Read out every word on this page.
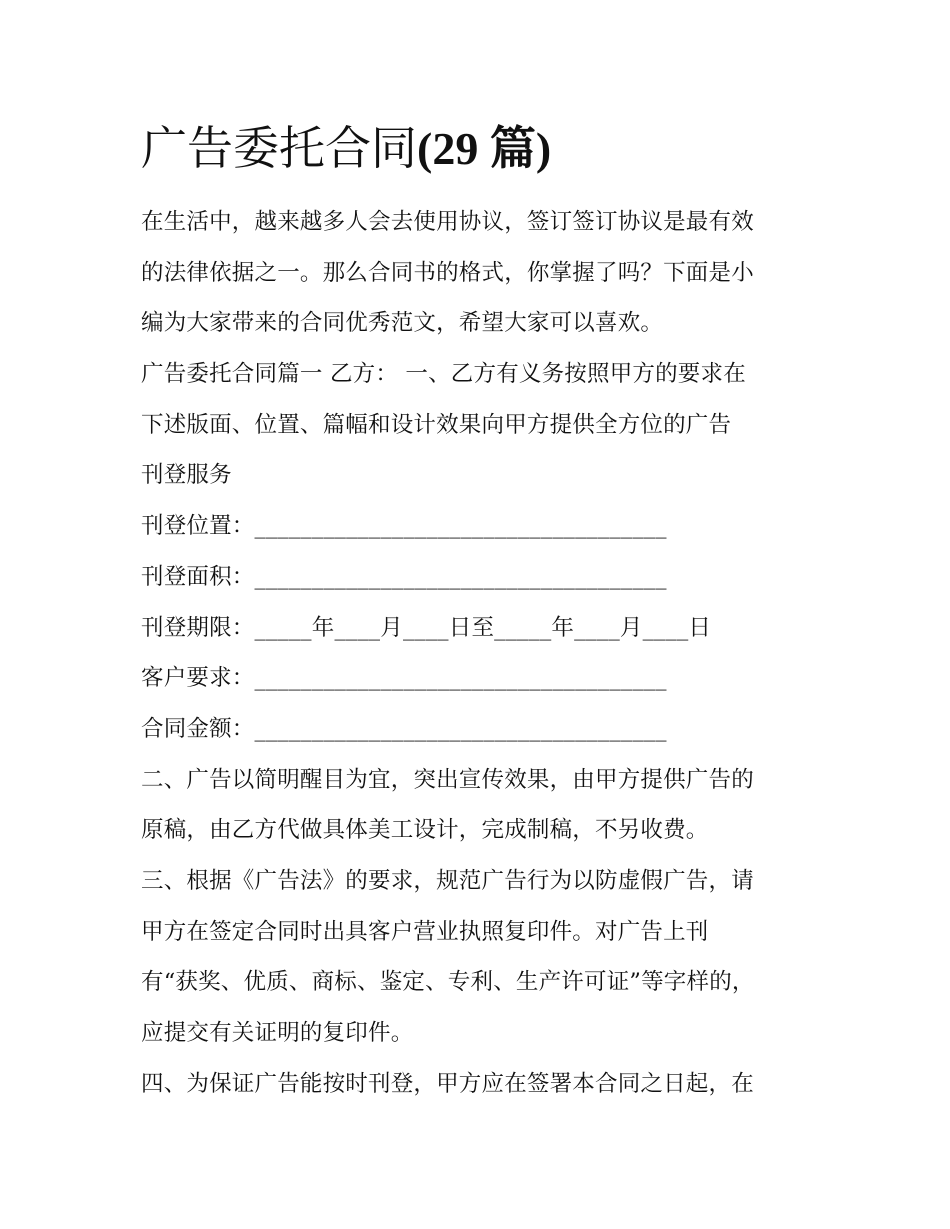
广告委托合同(29 篇)
在生活中，越来越多人会去使用协议，签订签订协议是最有效
的法律依据之一。那么合同书的格式，你掌握了吗？下面是小
编为大家带来的合同优秀范文，希望大家可以喜欢。
广告委托合同篇一 乙方： 一、乙方有义务按照甲方的要求在
下述版面、位置、篇幅和设计效果向甲方提供全方位的广告
刊登服务
刊登位置：____________________________________
刊登面积：____________________________________
刊登期限：_____年____月____日至_____年____月____日
客户要求：____________________________________
合同金额：____________________________________
二、广告以简明醒目为宜，突出宣传效果，由甲方提供广告的
原稿，由乙方代做具体美工设计，完成制稿，不另收费。
三、根据《广告法》的要求，规范广告行为以防虚假广告，请
甲方在签定合同时出具客户营业执照复印件。对广告上刊
有“获奖、优质、商标、鉴定、专利、生产许可证”等字样的，
应提交有关证明的复印件。
四、为保证广告能按时刊登，甲方应在签署本合同之日起，在
